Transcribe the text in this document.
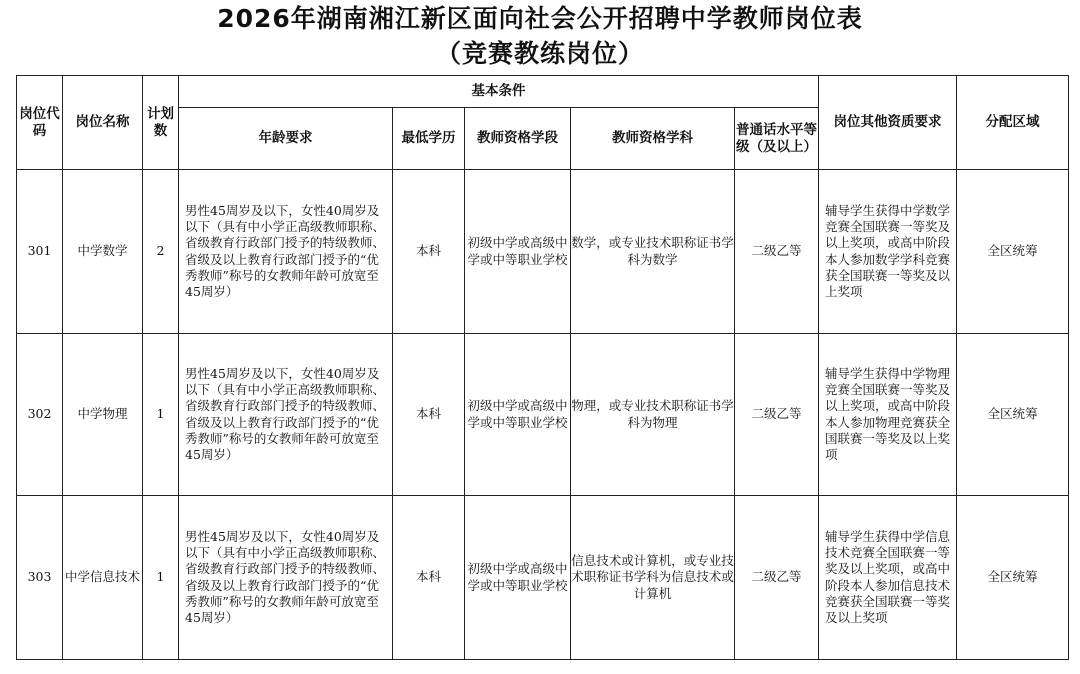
2026年湖南湘江新区面向社会公开招聘中学教师岗位表
（竞赛教练岗位）
岗位代码	岗位名称	计划数	基本条件					岗位其他资质要求	分配区域
			年龄要求	最低学历	教师资格学段	教师资格学科	普通话水平等级（及以上）		
301	中学数学	2	男性45周岁及以下，女性40周岁及以下（具有中小学正高级教师职称、省级教育行政部门授予的特级教师、省级及以上教育行政部门授予的“优秀教师”称号的女教师年龄可放宽至45周岁）	本科	初级中学或高级中学或中等职业学校	数学，或专业技术职称证书学科为数学	二级乙等	辅导学生获得中学数学竞赛全国联赛一等奖及以上奖项，或高中阶段本人参加数学学科竞赛获全国联赛一等奖及以上奖项	全区统筹
302	中学物理	1	男性45周岁及以下，女性40周岁及以下（具有中小学正高级教师职称、省级教育行政部门授予的特级教师、省级及以上教育行政部门授予的“优秀教师”称号的女教师年龄可放宽至45周岁）	本科	初级中学或高级中学或中等职业学校	物理，或专业技术职称证书学科为物理	二级乙等	辅导学生获得中学物理竞赛全国联赛一等奖及以上奖项，或高中阶段本人参加物理竞赛获全国联赛一等奖及以上奖项	全区统筹
303	中学信息技术	1	男性45周岁及以下，女性40周岁及以下（具有中小学正高级教师职称、省级教育行政部门授予的特级教师、省级及以上教育行政部门授予的“优秀教师”称号的女教师年龄可放宽至45周岁）	本科	初级中学或高级中学或中等职业学校	信息技术或计算机，或专业技术职称证书学科为信息技术或计算机	二级乙等	辅导学生获得中学信息技术竞赛全国联赛一等奖及以上奖项，或高中阶段本人参加信息技术竞赛获全国联赛一等奖及以上奖项	全区统筹
